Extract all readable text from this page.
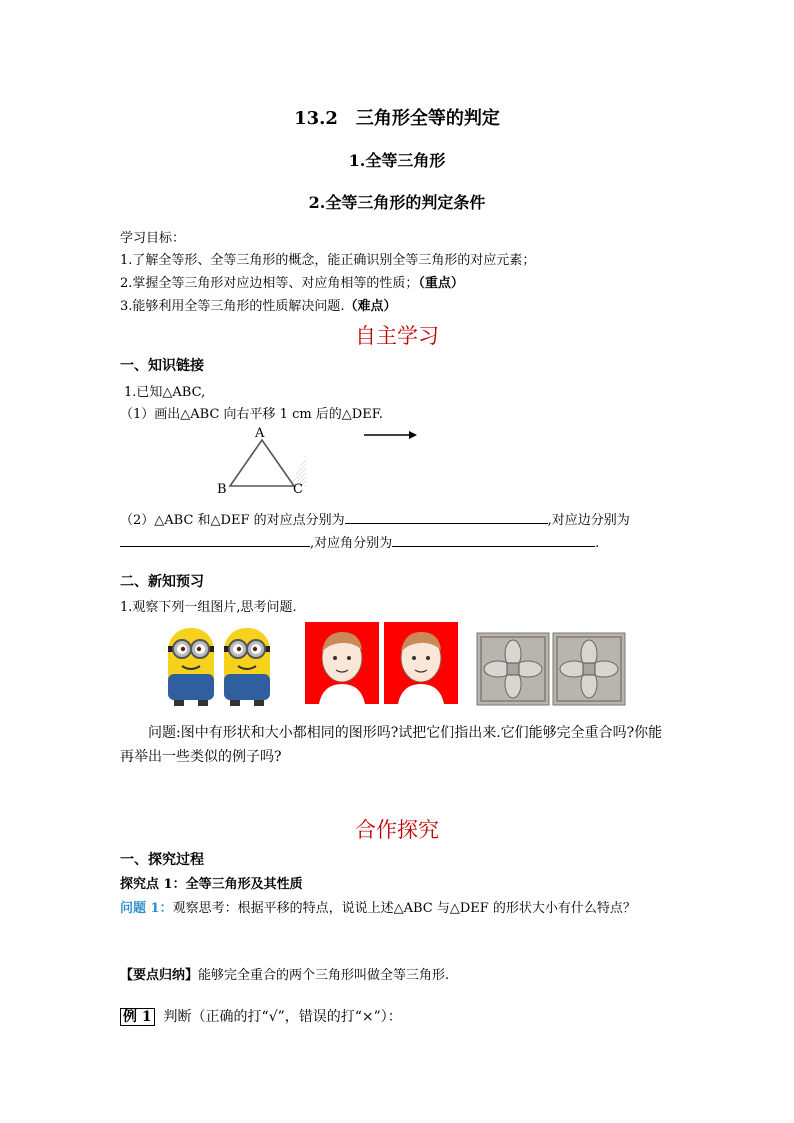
13.2　三角形全等的判定
1.全等三角形
2.全等三角形的判定条件
学习目标：
1.了解全等形、全等三角形的概念，能正确识别全等三角形的对应元素；
2.掌握全等三角形对应边相等、对应角相等的性质；（重点）
3.能够利用全等三角形的性质解决问题.（难点）
自主学习
一、知识链接
1.已知△ABC,
（1）画出△ABC 向右平移 1 cm 后的△DEF.
A
B	C
（2）△ABC 和△DEF 的对应点分别为	,对应边分别为
,对应角分别为	.
二、新知预习
1.观察下列一组图片,思考问题.
问题:图中有形状和大小都相同的图形吗?试把它们指出来.它们能够完全重合吗?你能
再举出一些类似的例子吗?
合作探究
一、探究过程
探究点 1：全等三角形及其性质
问题 1：观察思考：根据平移的特点，说说上述△ABC 与△DEF 的形状大小有什么特点？
【要点归纳】能够完全重合的两个三角形叫做全等三角形.
例 1 判断（正确的打“√”，错误的打“×”）：
